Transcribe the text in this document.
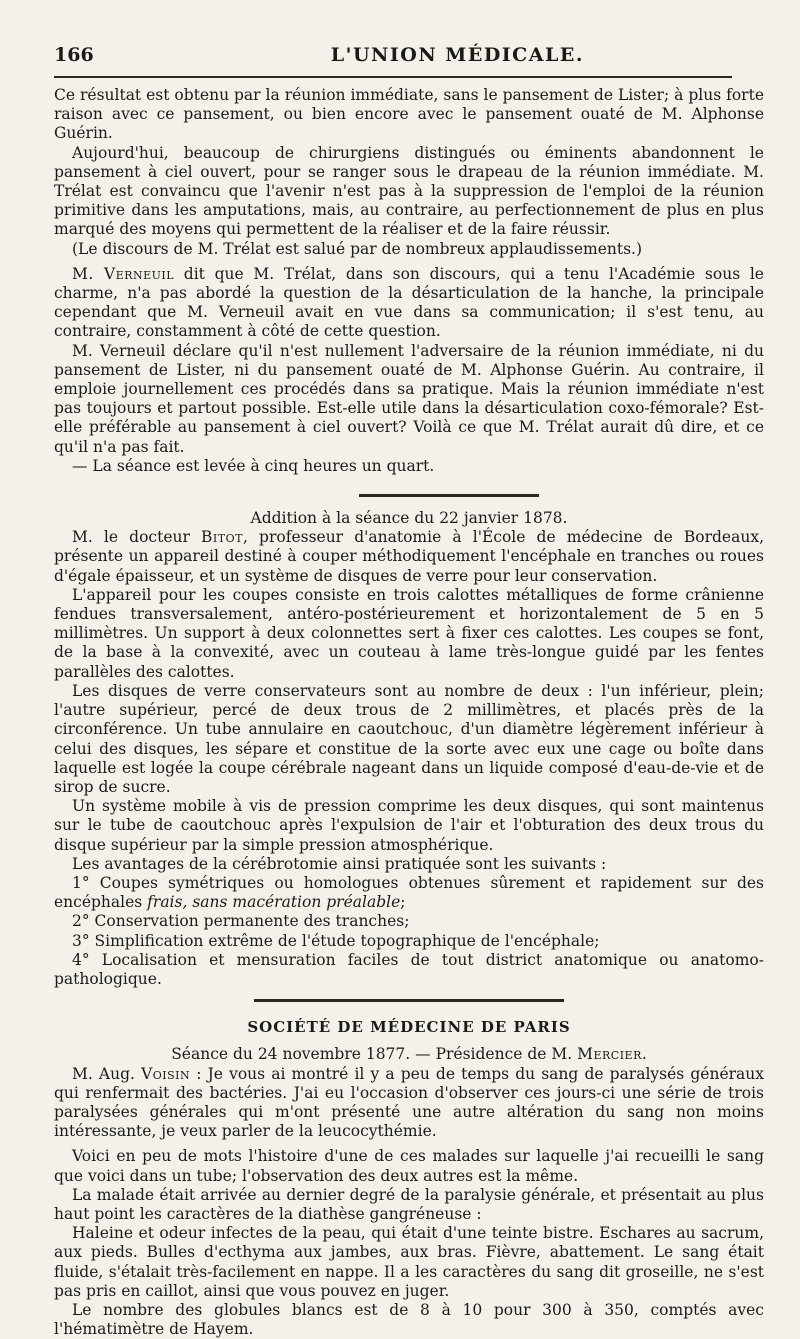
166	L'UNION MÉDICALE.

Ce résultat est obtenu par la réunion immédiate, sans le pansement de Lister; à plus forte raison avec ce pansement, ou bien encore avec le pansement ouaté de M. Alphonse Guérin.

Aujourd'hui, beaucoup de chirurgiens distingués ou éminents abandonnent le pansement à ciel ouvert, pour se ranger sous le drapeau de la réunion immédiate. M. Trélat est convaincu que l'avenir n'est pas à la suppression de l'emploi de la réunion primitive dans les amputations, mais, au contraire, au perfectionnement de plus en plus marqué des moyens qui permettent de la réaliser et de la faire réussir.

(Le discours de M. Trélat est salué par de nombreux applaudissements.)

M. Verneuil dit que M. Trélat, dans son discours, qui a tenu l'Académie sous le charme, n'a pas abordé la question de la désarticulation de la hanche, la principale cependant que M. Verneuil avait en vue dans sa communication; il s'est tenu, au contraire, constamment à côté de cette question.

M. Verneuil déclare qu'il n'est nullement l'adversaire de la réunion immédiate, ni du pansement de Lister, ni du pansement ouaté de M. Alphonse Guérin. Au contraire, il emploie journellement ces procédés dans sa pratique. Mais la réunion immédiate n'est pas toujours et partout possible. Est-elle utile dans la désarticulation coxo-fémorale? Est-elle préférable au pansement à ciel ouvert? Voilà ce que M. Trélat aurait dû dire, et ce qu'il n'a pas fait.

— La séance est levée à cinq heures un quart.

Addition à la séance du 22 janvier 1878.

M. le docteur Bitot, professeur d'anatomie à l'École de médecine de Bordeaux, présente un appareil destiné à couper méthodiquement l'encéphale en tranches ou roues d'égale épaisseur, et un système de disques de verre pour leur conservation.

L'appareil pour les coupes consiste en trois calottes métalliques de forme crânienne fendues transversalement, antéro-postérieurement et horizontalement de 5 en 5 millimètres. Un support à deux colonnettes sert à fixer ces calottes. Les coupes se font, de la base à la convexité, avec un couteau à lame très-longue guidé par les fentes parallèles des calottes.

Les disques de verre conservateurs sont au nombre de deux : l'un inférieur, plein; l'autre supérieur, percé de deux trous de 2 millimètres, et placés près de la circonférence. Un tube annulaire en caoutchouc, d'un diamètre légèrement inférieur à celui des disques, les sépare et constitue de la sorte avec eux une cage ou boîte dans laquelle est logée la coupe cérébrale nageant dans un liquide composé d'eau-de-vie et de sirop de sucre.

Un système mobile à vis de pression comprime les deux disques, qui sont maintenus sur le tube de caoutchouc après l'expulsion de l'air et l'obturation des deux trous du disque supérieur par la simple pression atmosphérique.

Les avantages de la cérébrotomie ainsi pratiquée sont les suivants :

1° Coupes symétriques ou homologues obtenues sûrement et rapidement sur des encéphales frais, sans macération préalable;

2° Conservation permanente des tranches;

3° Simplification extrême de l'étude topographique de l'encéphale;

4° Localisation et mensuration faciles de tout district anatomique ou anatomo-pathologique.

SOCIÉTÉ DE MÉDECINE DE PARIS

Séance du 24 novembre 1877. — Présidence de M. Mercier.

M. Aug. Voisin : Je vous ai montré il y a peu de temps du sang de paralysés généraux qui renfermait des bactéries. J'ai eu l'occasion d'observer ces jours-ci une série de trois paralysées générales qui m'ont présenté une autre altération du sang non moins intéressante, je veux parler de la leucocythémie.

Voici en peu de mots l'histoire d'une de ces malades sur laquelle j'ai recueilli le sang que voici dans un tube; l'observation des deux autres est la même.

La malade était arrivée au dernier degré de la paralysie générale, et présentait au plus haut point les caractères de la diathèse gangréneuse :

Haleine et odeur infectes de la peau, qui était d'une teinte bistre. Eschares au sacrum, aux pieds. Bulles d'ecthyma aux jambes, aux bras. Fièvre, abattement. Le sang était fluide, s'étalait très-facilement en nappe. Il a les caractères du sang dit groseille, ne s'est pas pris en caillot, ainsi que vous pouvez en juger.

Le nombre des globules blancs est de 8 à 10 pour 300 à 350, comptés avec l'hématimètre de Hayem.
